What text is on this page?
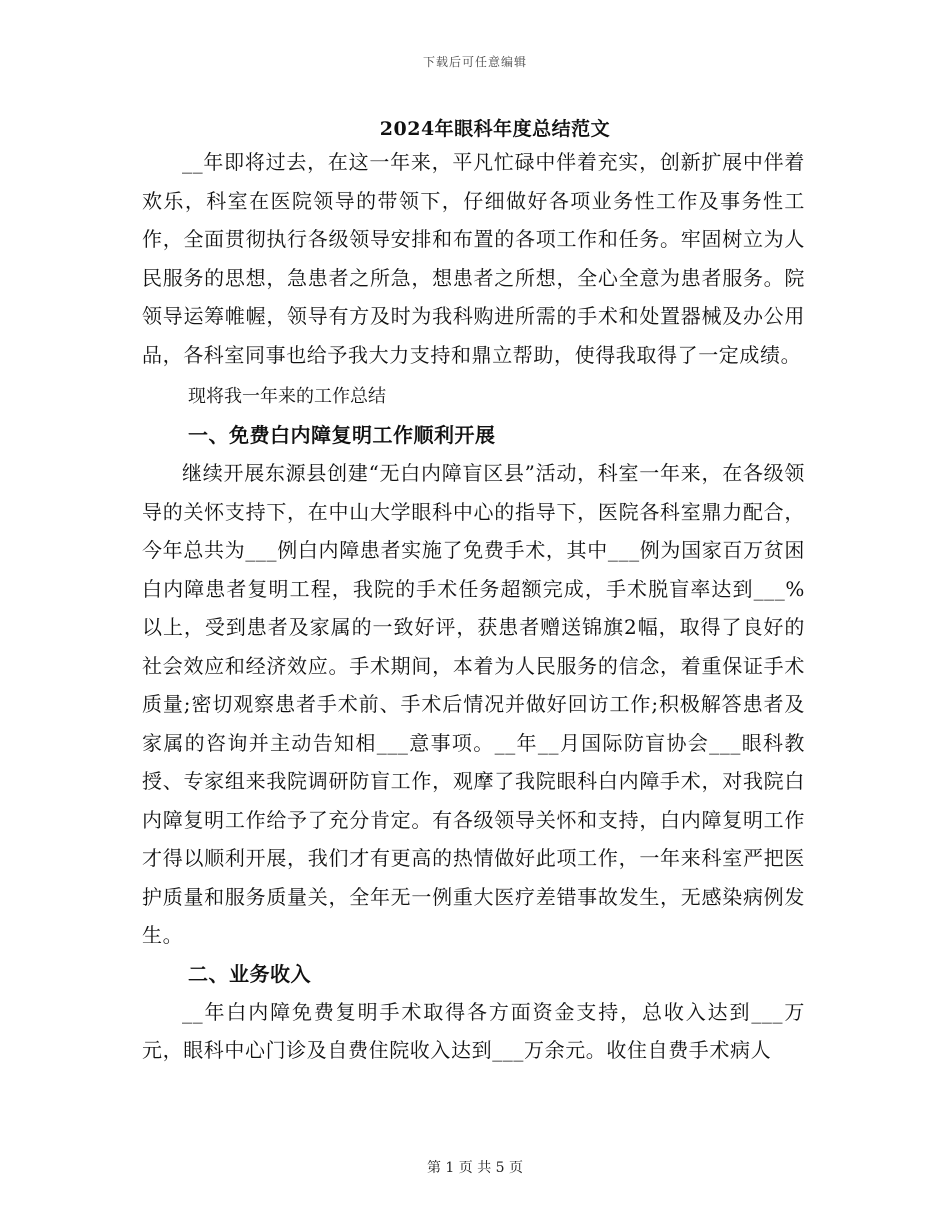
下载后可任意编辑
2024年眼科年度总结范文

__年即将过去，在这一年来，平凡忙碌中伴着充实，创新扩展中伴着欢乐，科室在医院领导的带领下，仔细做好各项业务性工作及事务性工作，全面贯彻执行各级领导安排和布置的各项工作和任务。牢固树立为人民服务的思想，急患者之所急，想患者之所想，全心全意为患者服务。院领导运筹帷幄，领导有方及时为我科购进所需的手术和处置器械及办公用品，各科室同事也给予我大力支持和鼎立帮助，使得我取得了一定成绩。

现将我一年来的工作总结

一、免费白内障复明工作顺利开展

继续开展东源县创建“无白内障盲区县”活动，科室一年来，在各级领导的关怀支持下，在中山大学眼科中心的指导下，医院各科室鼎力配合，今年总共为___例白内障患者实施了免费手术，其中___例为国家百万贫困白内障患者复明工程，我院的手术任务超额完成，手术脱盲率达到___%以上，受到患者及家属的一致好评，获患者赠送锦旗2幅，取得了良好的社会效应和经济效应。手术期间，本着为人民服务的信念，着重保证手术质量;密切观察患者手术前、手术后情况并做好回访工作;积极解答患者及家属的咨询并主动告知相___意事项。__年__月国际防盲协会___眼科教授、专家组来我院调研防盲工作，观摩了我院眼科白内障手术，对我院白内障复明工作给予了充分肯定。有各级领导关怀和支持，白内障复明工作才得以顺利开展，我们才有更高的热情做好此项工作，一年来科室严把医护质量和服务质量关，全年无一例重大医疗差错事故发生，无感染病例发生。

二、业务收入

__年白内障免费复明手术取得各方面资金支持，总收入达到___万元，眼科中心门诊及自费住院收入达到___万余元。收住自费手术病人

第 1 页 共 5 页
